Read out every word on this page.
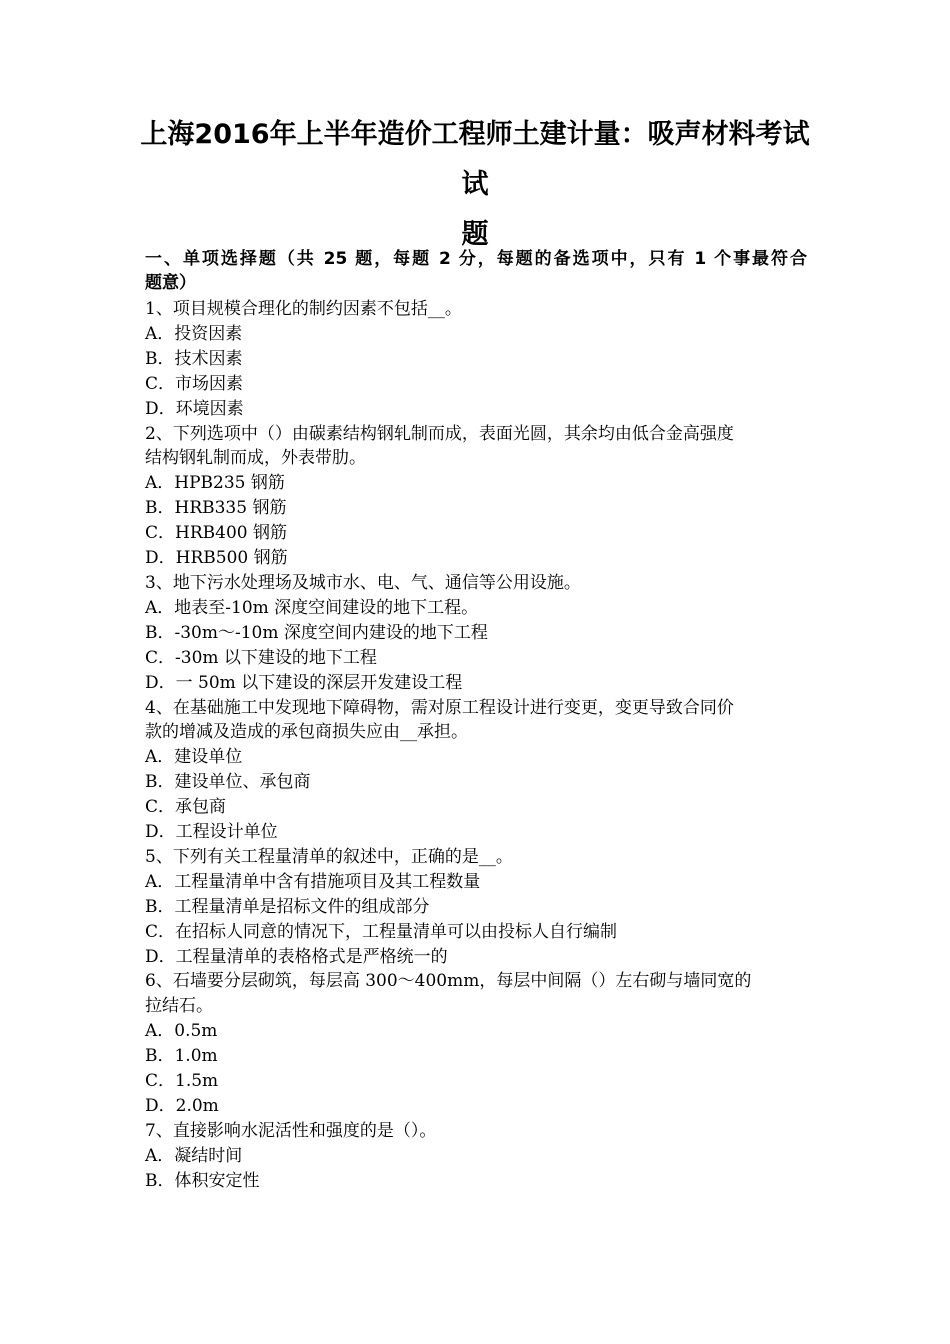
上海2016年上半年造价工程师土建计量：吸声材料考试试
题
一、单项选择题（共 25 题，每题 2 分，每题的备选项中，只有 1 个事最符合
题意）
1、项目规模合理化的制约因素不包括__。
A．投资因素
B．技术因素
C．市场因素
D．环境因素
2、下列选项中（）由碳素结构钢轧制而成，表面光圆，其余均由低合金高强度
结构钢轧制而成，外表带肋。
A．HPB235 钢筋
B．HRB335 钢筋
C．HRB400 钢筋
D．HRB500 钢筋
3、地下污水处理场及城市水、电、气、通信等公用设施。
A．地表至-10m 深度空间建设的地下工程。
B．-30m～-10m 深度空间内建设的地下工程
C．-30m 以下建设的地下工程
D．一 50m 以下建设的深层开发建设工程
4、在基础施工中发现地下障碍物，需对原工程设计进行变更，变更导致合同价
款的增减及造成的承包商损失应由__承担。
A．建设单位
B．建设单位、承包商
C．承包商
D．工程设计单位
5、下列有关工程量清单的叙述中，正确的是__。
A．工程量清单中含有措施项目及其工程数量
B．工程量清单是招标文件的组成部分
C．在招标人同意的情况下，工程量清单可以由投标人自行编制
D．工程量清单的表格格式是严格统一的
6、石墙要分层砌筑，每层高 300～400mm，每层中间隔（）左右砌与墙同宽的
拉结石。
A．0.5m
B．1.0m
C．1.5m
D．2.0m
7、直接影响水泥活性和强度的是（）。
A．凝结时间
B．体积安定性
